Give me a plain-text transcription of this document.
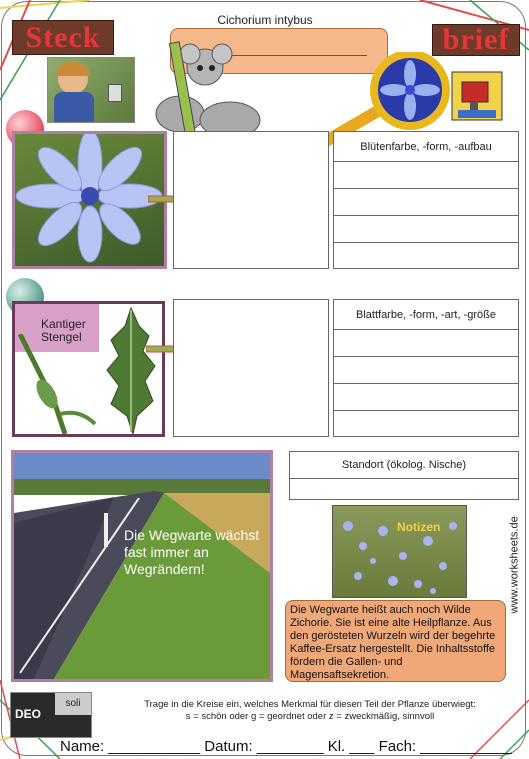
Steck	brief
Cichorium intybus
Blütenfarbe, -form, -aufbau
Kantiger Stengel
Blattfarbe, -form, -art, -größe
Die Wegwarte wächst fast immer an Wegrändern!
Standort (ökolog. Nische)
Notizen	www.worksheets.de
Die Wegwarte heißt auch noch Wilde Zichorie. Sie ist eine alte Heilpflanze. Aus den gerösteten Wurzeln wird der begehrte Kaffee-Ersatz hergestellt. Die Inhaltsstoffe fördern die Gallen- und Magensaftsekretion.
DEO
soli	Trage in die Kreise ein, welches Merkmal für diesen Teil der Pflanze überwiegt:
s = schön oder g = geordnet oder z = zweckmäßig, sinnvoll
Name: ___________ Datum: ________ Kl. ___ Fach: ___________
